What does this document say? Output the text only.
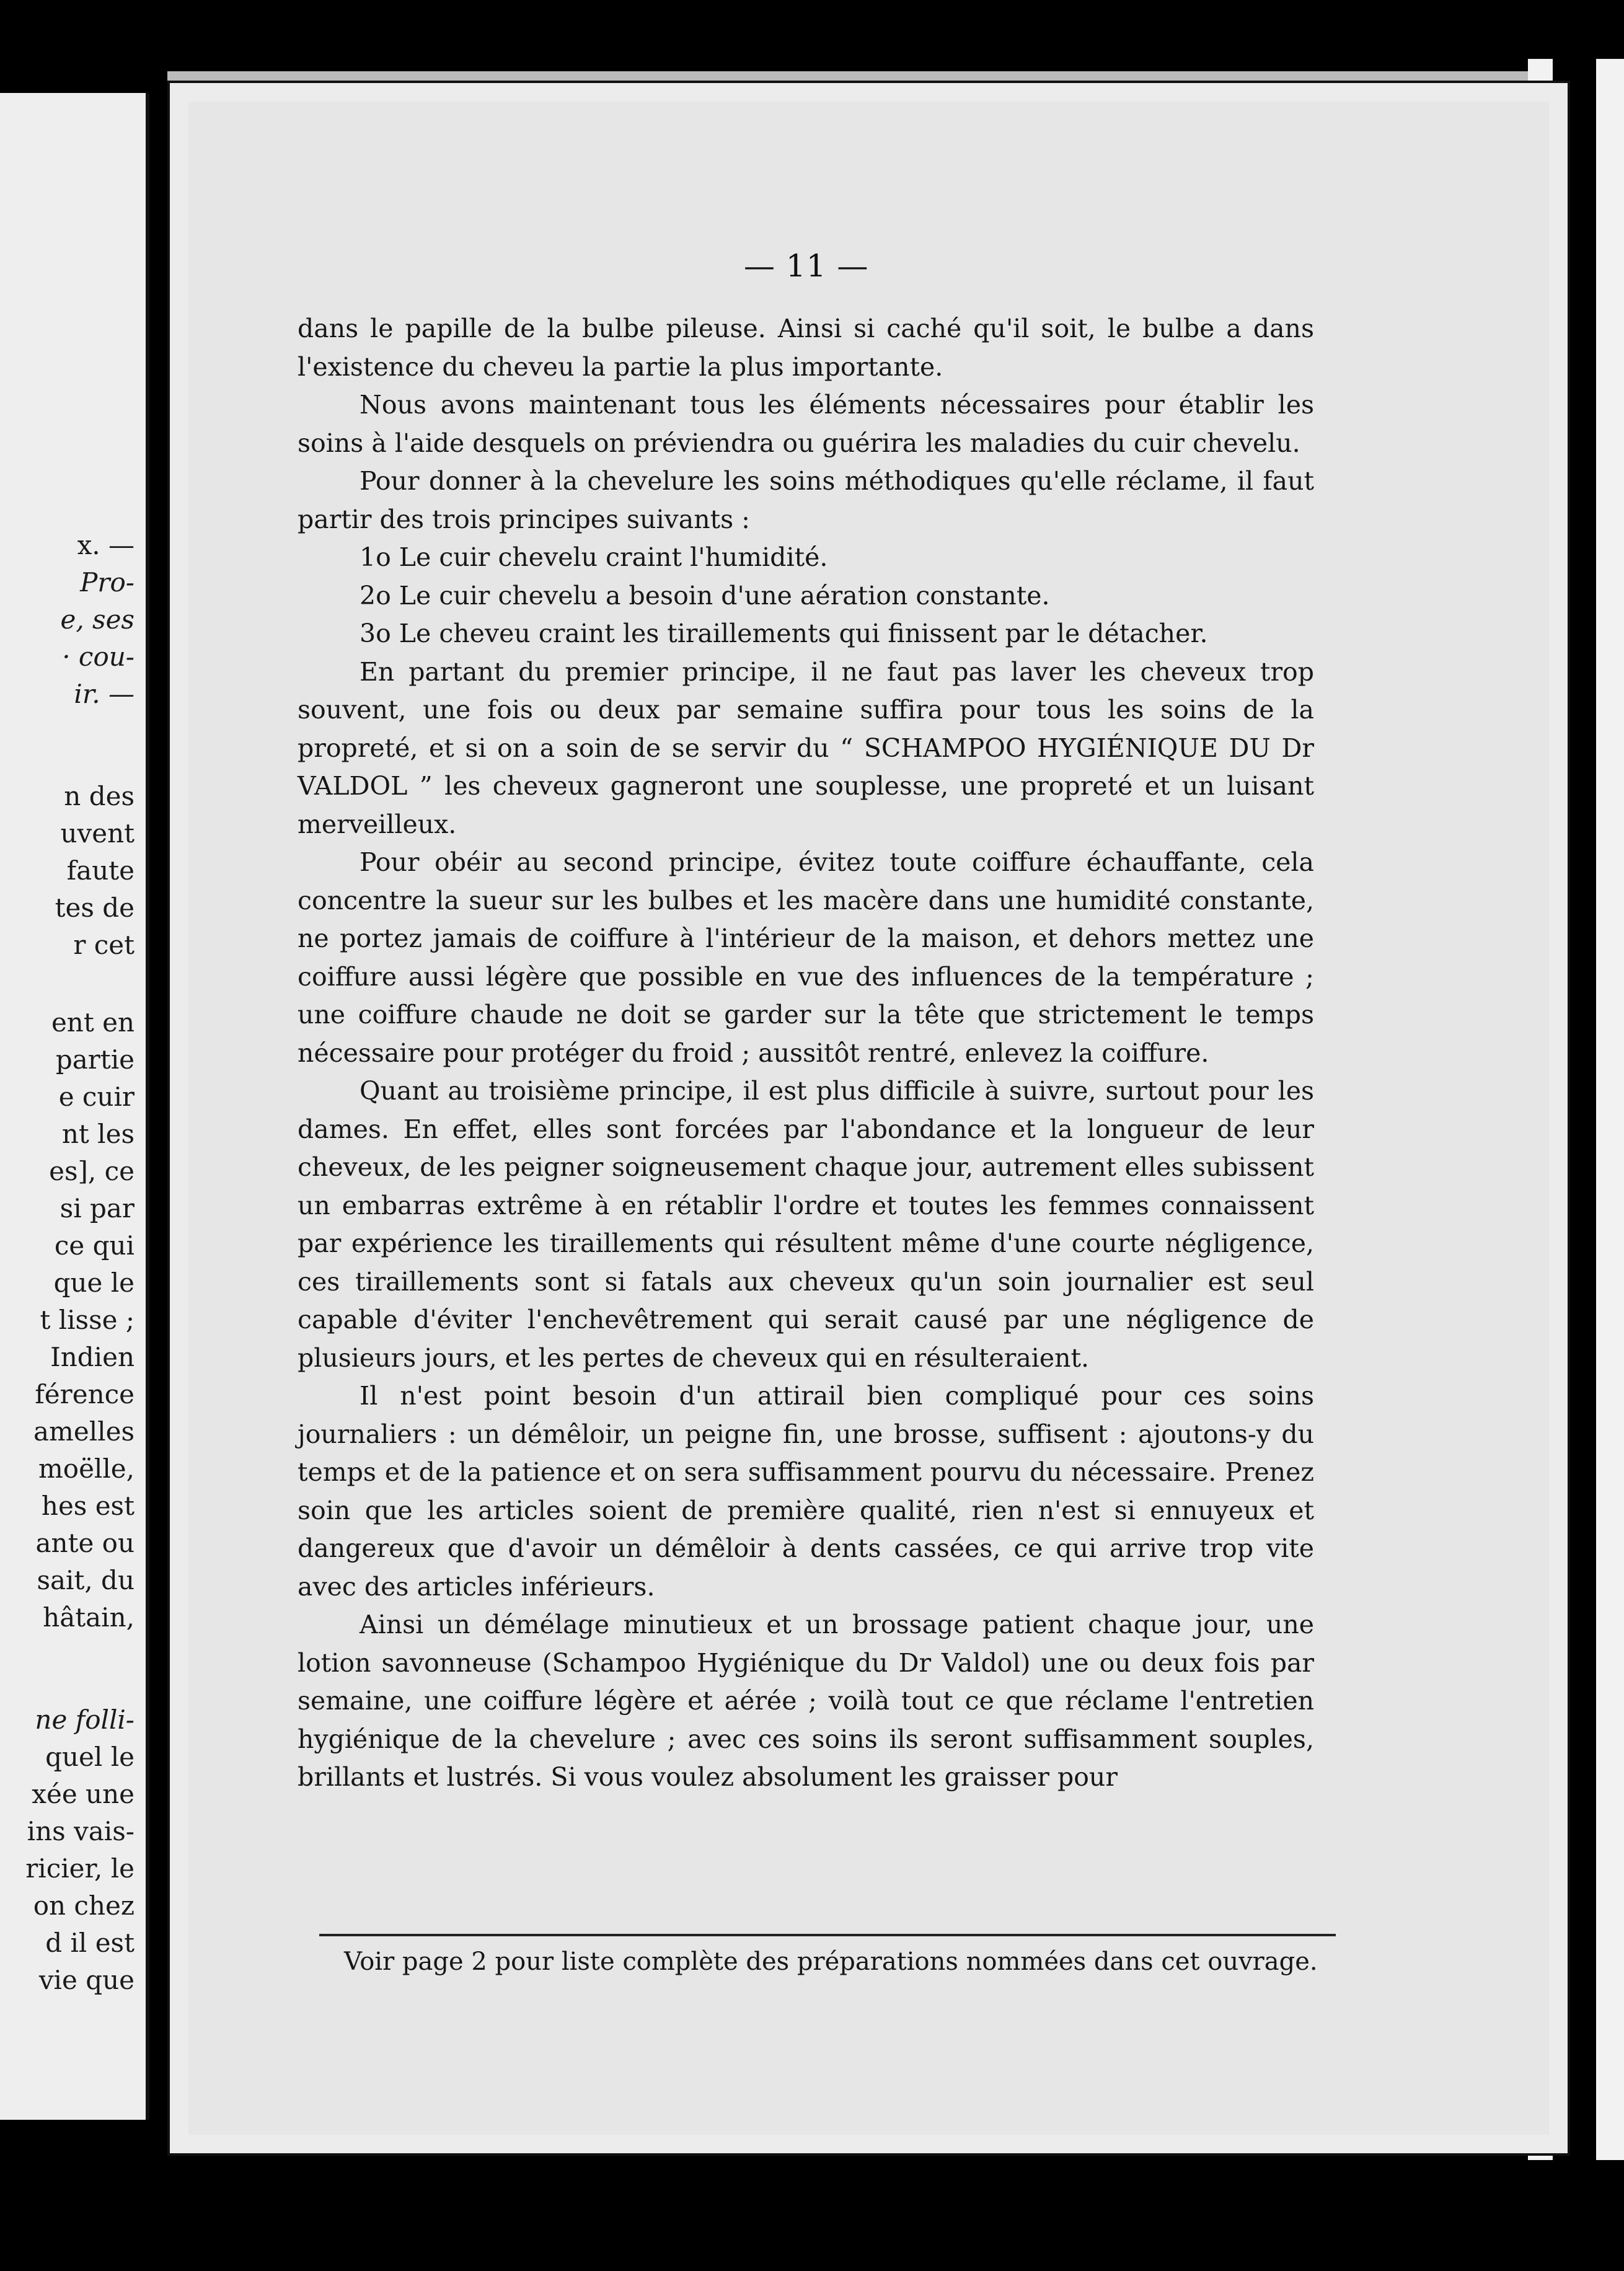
x. —
Pro-
e, ses
· cou-
ir. —
n des
uvent
faute
tes de
r cet
ent en
partie
e cuir
nt les
es], ce
si par
ce qui
que le
t lisse ;
Indien
férence
amelles
moëlle,
hes est
ante ou
sait, du
hâtain,
ne folli-
quel le
xée une
ins vais-
ricier, le
on chez
d il est
vie que
— 11 —

dans le papille de la bulbe pileuse. Ainsi si caché qu'il soit, le bulbe a dans l'existence du cheveu la partie la plus importante.

Nous avons maintenant tous les éléments nécessaires pour établir les soins à l'aide desquels on préviendra ou guérira les maladies du cuir chevelu.

Pour donner à la chevelure les soins méthodiques qu'elle réclame, il faut partir des trois principes suivants :

1o Le cuir chevelu craint l'humidité.

2o Le cuir chevelu a besoin d'une aération constante.

3o Le cheveu craint les tiraillements qui finissent par le détacher.

En partant du premier principe, il ne faut pas laver les cheveux trop souvent, une fois ou deux par semaine suffira pour tous les soins de la propreté, et si on a soin de se servir du “ SCHAMPOO HYGIÉNIQUE DU Dr VALDOL ” les cheveux gagneront une souplesse, une propreté et un luisant merveilleux.

Pour obéir au second principe, évitez toute coiffure échauffante, cela concentre la sueur sur les bulbes et les macère dans une humidité constante, ne portez jamais de coiffure à l'intérieur de la maison, et dehors mettez une coiffure aussi légère que possible en vue des influences de la température ; une coiffure chaude ne doit se garder sur la tête que strictement le temps nécessaire pour protéger du froid ; aussitôt rentré, enlevez la coiffure.

Quant au troisième principe, il est plus difficile à suivre, surtout pour les dames. En effet, elles sont forcées par l'abondance et la longueur de leur cheveux, de les peigner soigneusement chaque jour, autrement elles subissent un embarras extrême à en rétablir l'ordre et toutes les femmes connaissent par expérience les tiraillements qui résultent même d'une courte négligence, ces tiraillements sont si fatals aux cheveux qu'un soin journalier est seul capable d'éviter l'enchevêtrement qui serait causé par une négligence de plusieurs jours, et les pertes de cheveux qui en résulteraient.

Il n'est point besoin d'un attirail bien compliqué pour ces soins journaliers : un démêloir, un peigne fin, une brosse, suffisent : ajoutons-y du temps et de la patience et on sera suffisamment pourvu du nécessaire. Prenez soin que les articles soient de première qualité, rien n'est si ennuyeux et dangereux que d'avoir un démêloir à dents cassées, ce qui arrive trop vite avec des articles inférieurs.

Ainsi un démélage minutieux et un brossage patient chaque jour, une lotion savonneuse (Schampoo Hygiénique du Dr Valdol) une ou deux fois par semaine, une coiffure légère et aérée ; voilà tout ce que réclame l'entretien hygiénique de la chevelure ; avec ces soins ils seront suffisamment souples, brillants et lustrés. Si vous voulez absolument les graisser pour

Voir page 2 pour liste complète des préparations nommées dans cet ouvrage.
